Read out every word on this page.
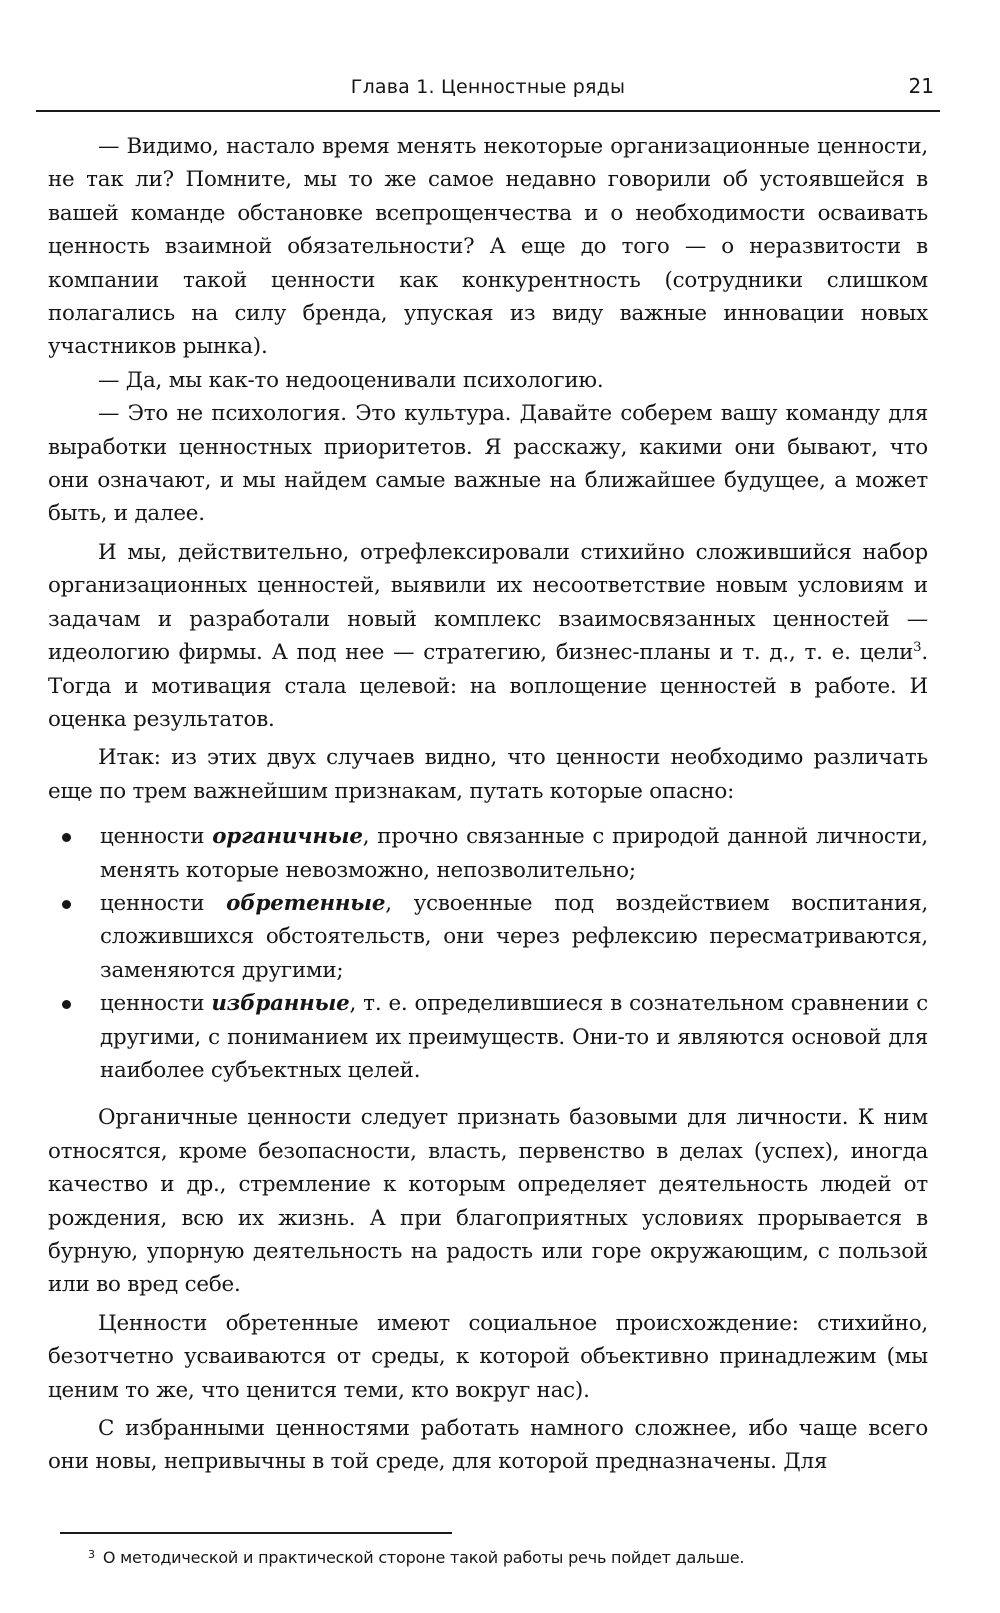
Глава 1. Ценностные ряды	21

— Видимо, настало время менять некоторые организационные ценности, не так ли? Помните, мы то же самое недавно говорили об устоявшейся в вашей команде обстановке всепрощенчества и о необходимости осваивать ценность взаимной обязательности? А еще до того — о неразвитости в компании такой ценности как конкурентность (сотрудники слишком полагались на силу бренда, упуская из виду важные инновации новых участников рынка).

— Да, мы как-то недооценивали психологию.

— Это не психология. Это культура. Давайте соберем вашу команду для выработки ценностных приоритетов. Я расскажу, какими они бывают, что они означают, и мы найдем самые важные на ближайшее будущее, а может быть, и далее.

И мы, действительно, отрефлексировали стихийно сложившийся набор организационных ценностей, выявили их несоответствие новым условиям и задачам и разработали новый комплекс взаимосвязанных ценностей — идеологию фирмы. А под нее — стратегию, бизнес-планы и т. д., т. е. цели$^3$. Тогда и мотивация стала целевой: на воплощение ценностей в работе. И оценка результатов.

Итак: из этих двух случаев видно, что ценности необходимо различать еще по трем важнейшим признакам, путать которые опасно:

ценности органичные, прочно связанные с природой данной личности, менять которые невозможно, непозволительно;
ценности обретенные, усвоенные под воздействием воспитания, сложившихся обстоятельств, они через рефлексию пересматриваются, заменяются другими;
ценности избранные, т. е. определившиеся в сознательном сравнении с другими, с пониманием их преимуществ. Они-то и являются основой для наиболее субъектных целей.

Органичные ценности следует признать базовыми для личности. К ним относятся, кроме безопасности, власть, первенство в делах (успех), иногда качество и др., стремление к которым определяет деятельность людей от рождения, всю их жизнь. А при благоприятных условиях прорывается в бурную, упорную деятельность на радость или горе окружающим, с пользой или во вред себе.

Ценности обретенные имеют социальное происхождение: стихийно, безотчетно усваиваются от среды, к которой объективно принадлежим (мы ценим то же, что ценится теми, кто вокруг нас).

С избранными ценностями работать намного сложнее, ибо чаще всего они новы, непривычны в той среде, для которой предназначены. Для

$^3$ О методической и практической стороне такой работы речь пойдет дальше.
